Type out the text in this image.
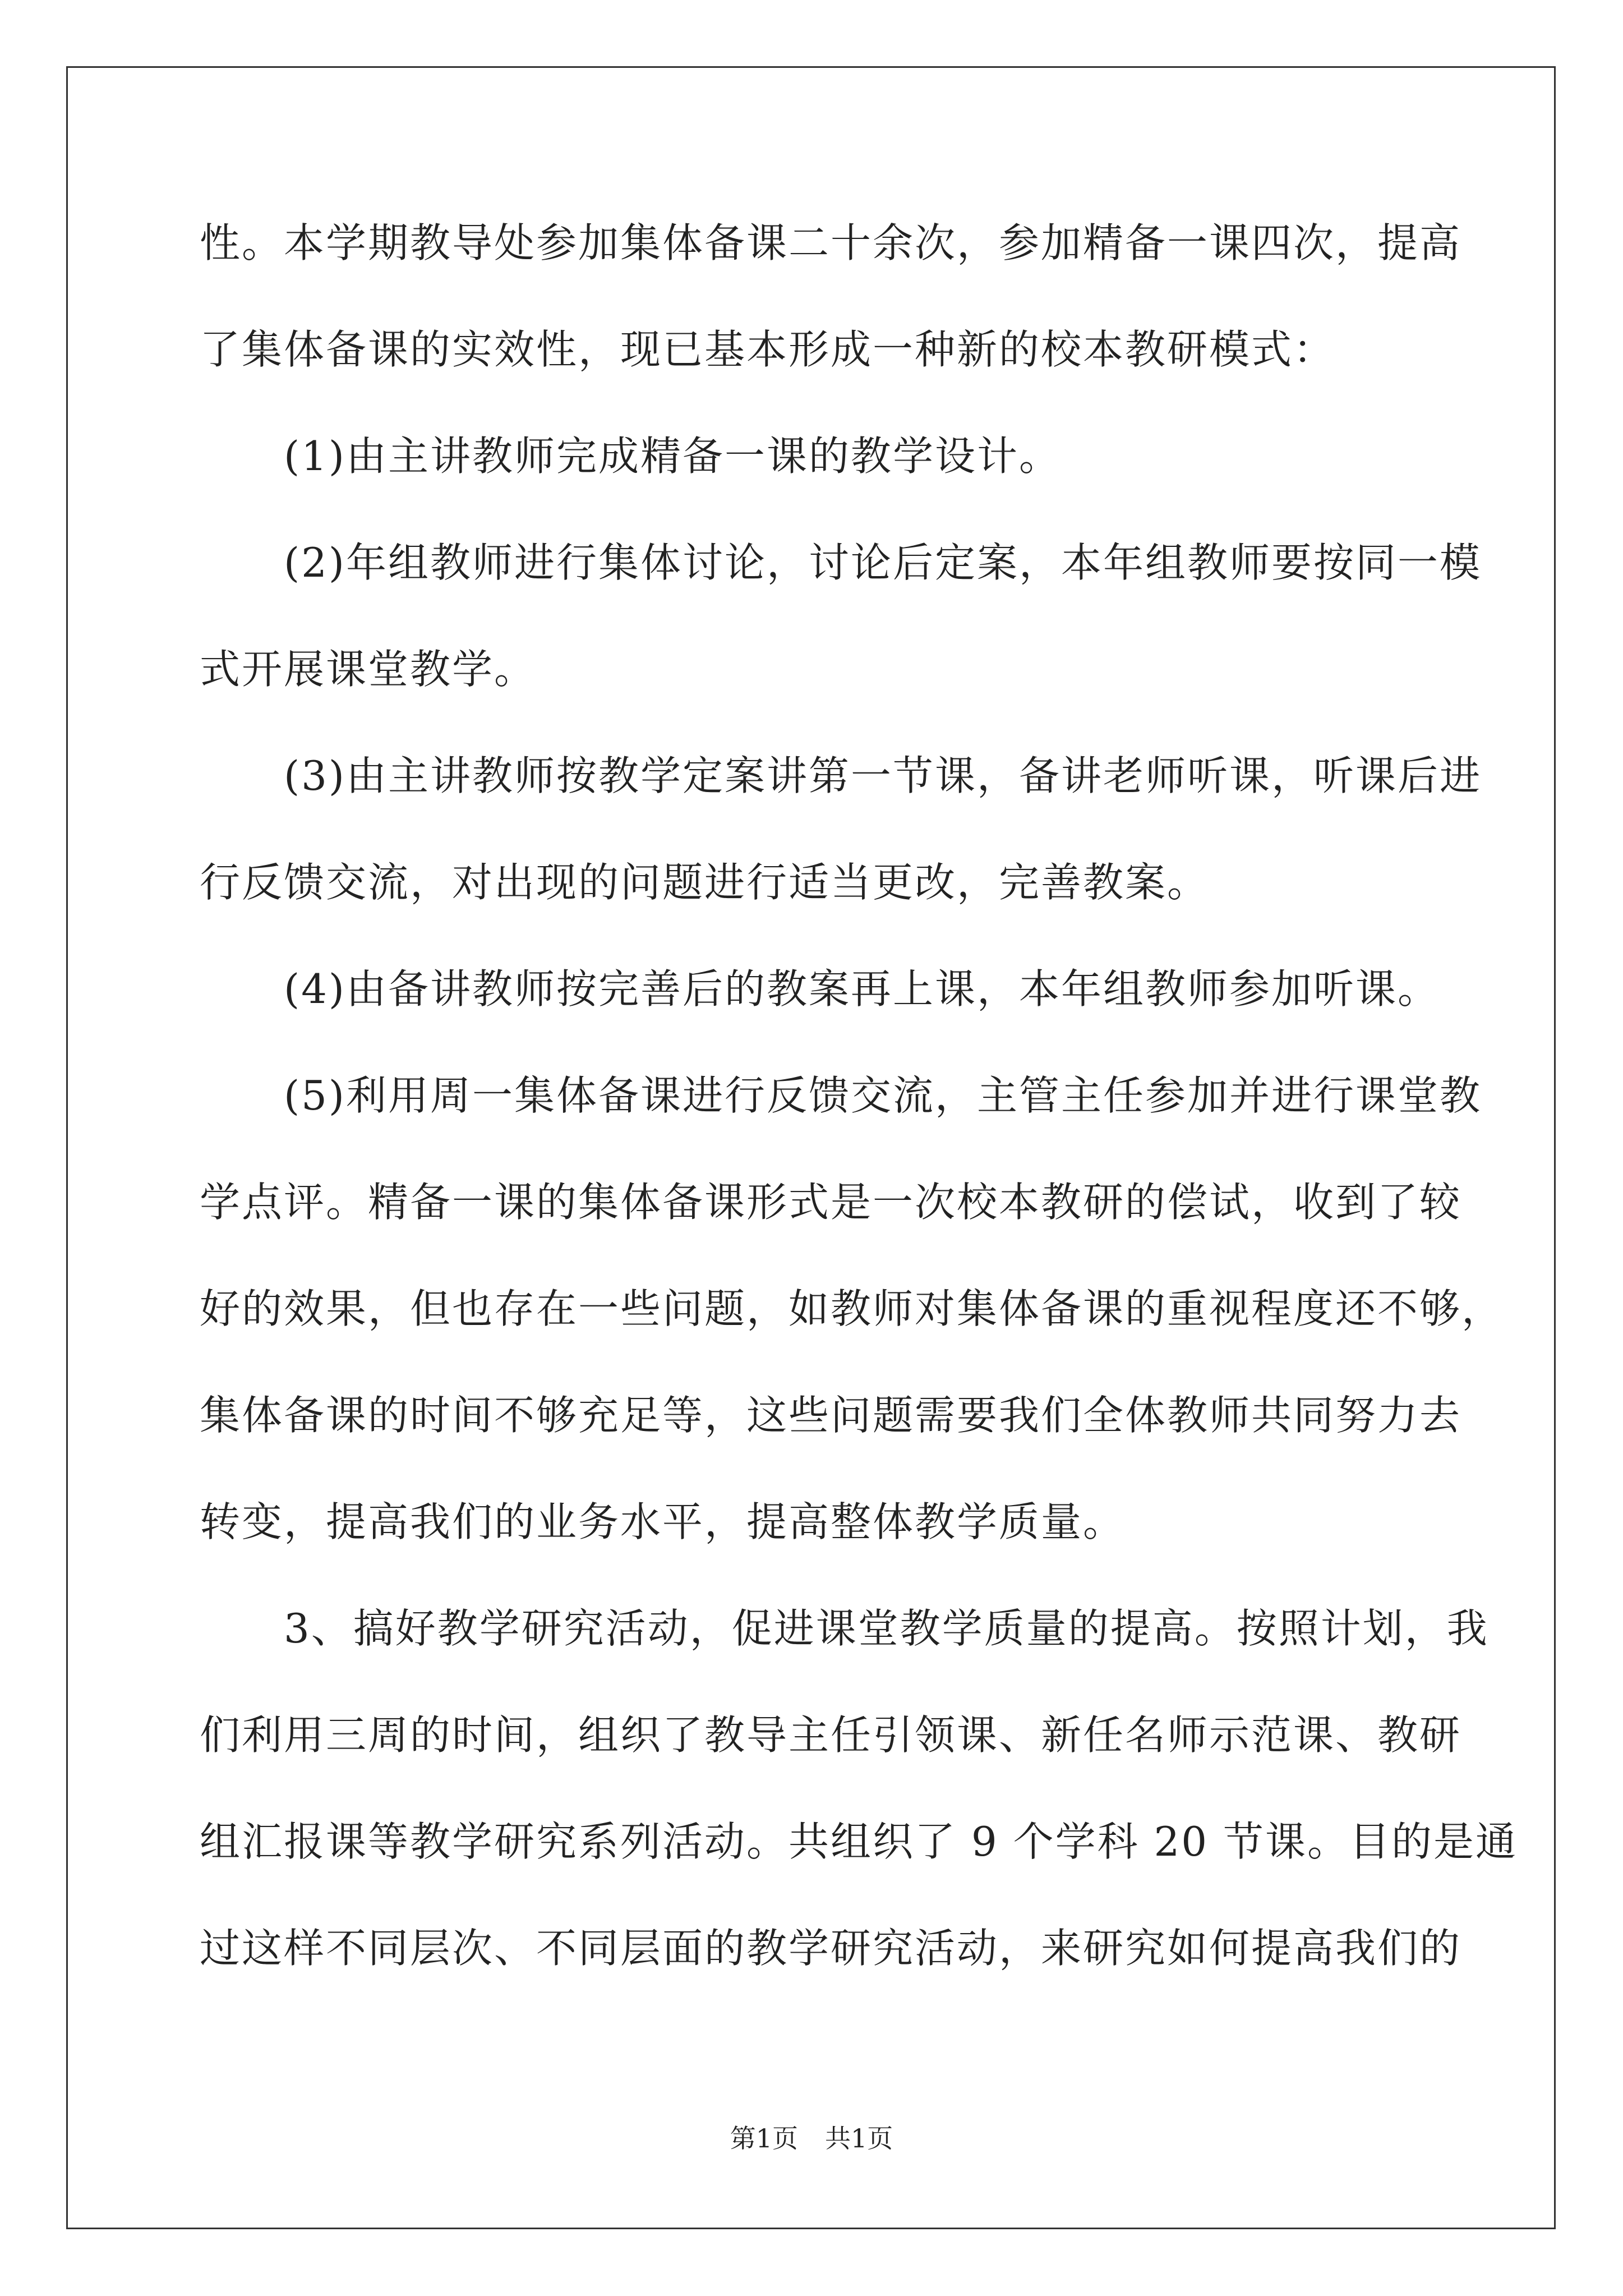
性。本学期教导处参加集体备课二十余次，参加精备一课四次，提高
了集体备课的实效性，现已基本形成一种新的校本教研模式：
(1)由主讲教师完成精备一课的教学设计。
(2)年组教师进行集体讨论，讨论后定案，本年组教师要按同一模
式开展课堂教学。
(3)由主讲教师按教学定案讲第一节课，备讲老师听课，听课后进
行反馈交流，对出现的问题进行适当更改，完善教案。
(4)由备讲教师按完善后的教案再上课，本年组教师参加听课。
(5)利用周一集体备课进行反馈交流，主管主任参加并进行课堂教
学点评。精备一课的集体备课形式是一次校本教研的偿试，收到了较
好的效果，但也存在一些问题，如教师对集体备课的重视程度还不够，
集体备课的时间不够充足等，这些问题需要我们全体教师共同努力去
转变，提高我们的业务水平，提高整体教学质量。
3、搞好教学研究活动，促进课堂教学质量的提高。按照计划，我
们利用三周的时间，组织了教导主任引领课、新任名师示范课、教研
组汇报课等教学研究系列活动。共组织了 9 个学科 20 节课。目的是通
过这样不同层次、不同层面的教学研究活动，来研究如何提高我们的
第1页 共1页
